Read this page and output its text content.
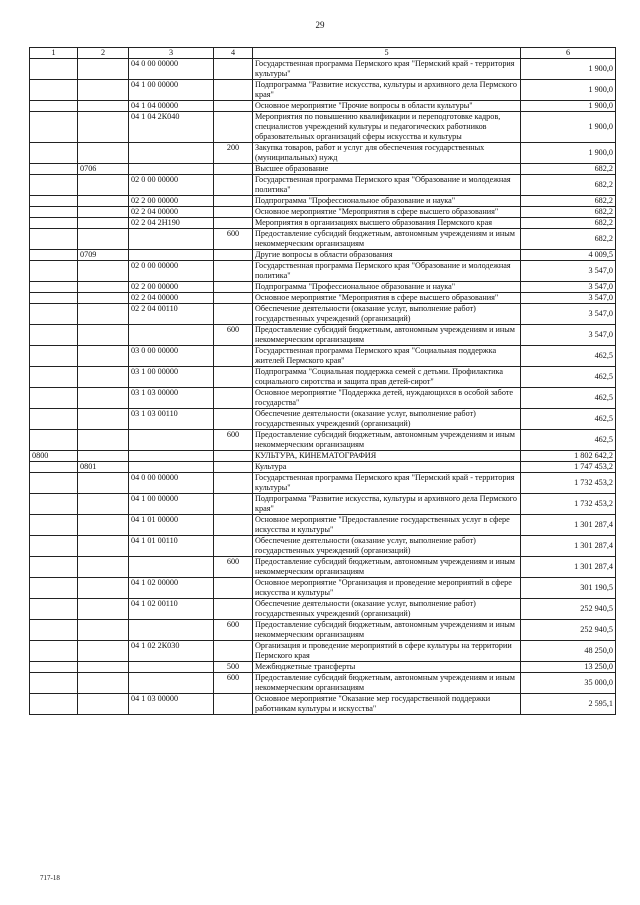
29
1	2	3	4	5	6
		04 0 00 00000		Государственная программа Пермского края "Пермский край - территория культуры"	1 900,0
		04 1 00 00000		Подпрограмма "Развитие искусства, культуры и архивного дела Пермского края"	1 900,0
		04 1 04 00000		Основное мероприятие "Прочие вопросы в области культуры"	1 900,0
		04 1 04 2К040		Мероприятия по повышению квалификации и переподготовке кадров, специалистов учреждений культуры и педагогических работников образовательных организаций сферы искусства и культуры	1 900,0
			200	Закупка товаров, работ и услуг для обеспечения государственных (муниципальных) нужд	1 900,0
	0706			Высшее образование	682,2
		02 0 00 00000		Государственная программа Пермского края "Образование и молодежная политика"	682,2
		02 2 00 00000		Подпрограмма "Профессиональное образование и наука"	682,2
		02 2 04 00000		Основное мероприятие "Мероприятия в сфере высшего образования"	682,2
		02 2 04 2Н190		Мероприятия в организациях высшего образования Пермского края	682,2
			600	Предоставление субсидий бюджетным, автономным учреждениям и иным некоммерческим организациям	682,2
	0709			Другие вопросы в области образования	4 009,5
		02 0 00 00000		Государственная программа Пермского края "Образование и молодежная политика"	3 547,0
		02 2 00 00000		Подпрограмма "Профессиональное образование и наука"	3 547,0
		02 2 04 00000		Основное мероприятие "Мероприятия в сфере высшего образования"	3 547,0
		02 2 04 00110		Обеспечение деятельности (оказание услуг, выполнение работ) государственных учреждений (организаций)	3 547,0
			600	Предоставление субсидий бюджетным, автономным учреждениям и иным некоммерческим организациям	3 547,0
		03 0 00 00000		Государственная программа Пермского края "Социальная поддержка жителей Пермского края"	462,5
		03 1 00 00000		Подпрограмма "Социальная поддержка семей с детьми. Профилактика социального сиротства и защита прав детей-сирот"	462,5
		03 1 03 00000		Основное мероприятие "Поддержка детей, нуждающихся в особой заботе государства"	462,5
		03 1 03 00110		Обеспечение деятельности (оказание услуг, выполнение работ) государственных учреждений (организаций)	462,5
			600	Предоставление субсидий бюджетным, автономным учреждениям и иным некоммерческим организациям	462,5
0800				КУЛЬТУРА, КИНЕМАТОГРАФИЯ	1 802 642,2
	0801			Культура	1 747 453,2
		04 0 00 00000		Государственная программа Пермского края "Пермский край - территория культуры"	1 732 453,2
		04 1 00 00000		Подпрограмма "Развитие искусства, культуры и архивного дела Пермского края"	1 732 453,2
		04 1 01 00000		Основное мероприятие "Предоставление государственных услуг в сфере искусства и культуры"	1 301 287,4
		04 1 01 00110		Обеспечение деятельности (оказание услуг, выполнение работ) государственных учреждений (организаций)	1 301 287,4
			600	Предоставление субсидий бюджетным, автономным учреждениям и иным некоммерческим организациям	1 301 287,4
		04 1 02 00000		Основное мероприятие "Организация и проведение мероприятий в сфере искусства и культуры"	301 190,5
		04 1 02 00110		Обеспечение деятельности (оказание услуг, выполнение работ) государственных учреждений (организаций)	252 940,5
			600	Предоставление субсидий бюджетным, автономным учреждениям и иным некоммерческим организациям	252 940,5
		04 1 02 2К030		Организация и проведение мероприятий в сфере культуры на территории Пермского края	48 250,0
			500	Межбюджетные трансферты	13 250,0
			600	Предоставление субсидий бюджетным, автономным учреждениям и иным некоммерческим организациям	35 000,0
		04 1 03 00000		Основное мероприятие "Оказание мер государственной поддержки работникам культуры и искусства"	2 595,1
717-18
